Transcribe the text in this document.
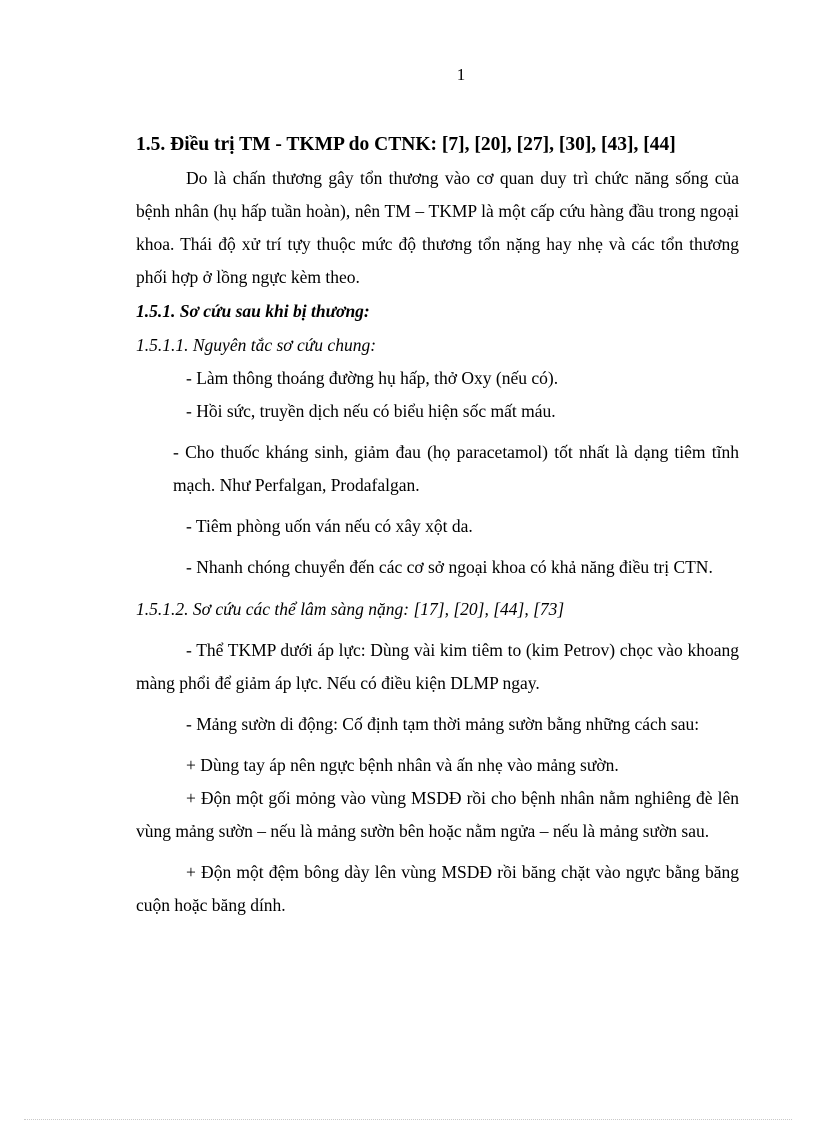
1
1.5. Điều trị TM - TKMP do CTNK: [7], [20], [27], [30], [43], [44]

Do là chấn thương gây tổn thương vào cơ quan duy trì chức năng sống của bệnh nhân (hụ hấp tuần hoàn), nên TM – TKMP là một cấp cứu hàng đầu trong ngoại khoa. Thái độ xử trí tựy thuộc mức độ thương tổn nặng hay nhẹ và các tổn thương phối hợp ở lồng ngực kèm theo.

1.5.1. Sơ cứu sau khi bị thương:

1.5.1.1. Nguyên tắc sơ cứu chung:

- Làm thông thoáng đường hụ hấp, thở Oxy (nếu có).

- Hồi sức, truyền dịch nếu có biểu hiện sốc mất máu.

- Cho thuốc kháng sinh, giảm đau (họ paracetamol) tốt nhất là dạng tiêm tĩnh mạch. Như Perfalgan, Prodafalgan.

- Tiêm phòng uốn ván nếu có xây xột da.

- Nhanh chóng chuyển đến các cơ sở ngoại khoa có khả năng điều trị CTN.

1.5.1.2. Sơ cứu các thể lâm sàng nặng: [17], [20], [44], [73]

- Thể TKMP dưới áp lực: Dùng vài kim tiêm to (kim Petrov) chọc vào khoang màng phổi để giảm áp lực. Nếu có điều kiện DLMP ngay.

- Mảng sườn di động: Cố định tạm thời mảng sườn bằng những cách sau:

+ Dùng tay áp nên ngực bệnh nhân và ấn nhẹ vào mảng sườn.

+ Độn một gối mỏng vào vùng MSDĐ rồi cho bệnh nhân nằm nghiêng đè lên vùng mảng sườn – nếu là mảng sườn bên hoặc nằm ngửa – nếu là mảng sườn sau.

+ Độn một đệm bông dày lên vùng MSDĐ rồi băng chặt vào ngực bằng băng cuộn hoặc băng dính.
